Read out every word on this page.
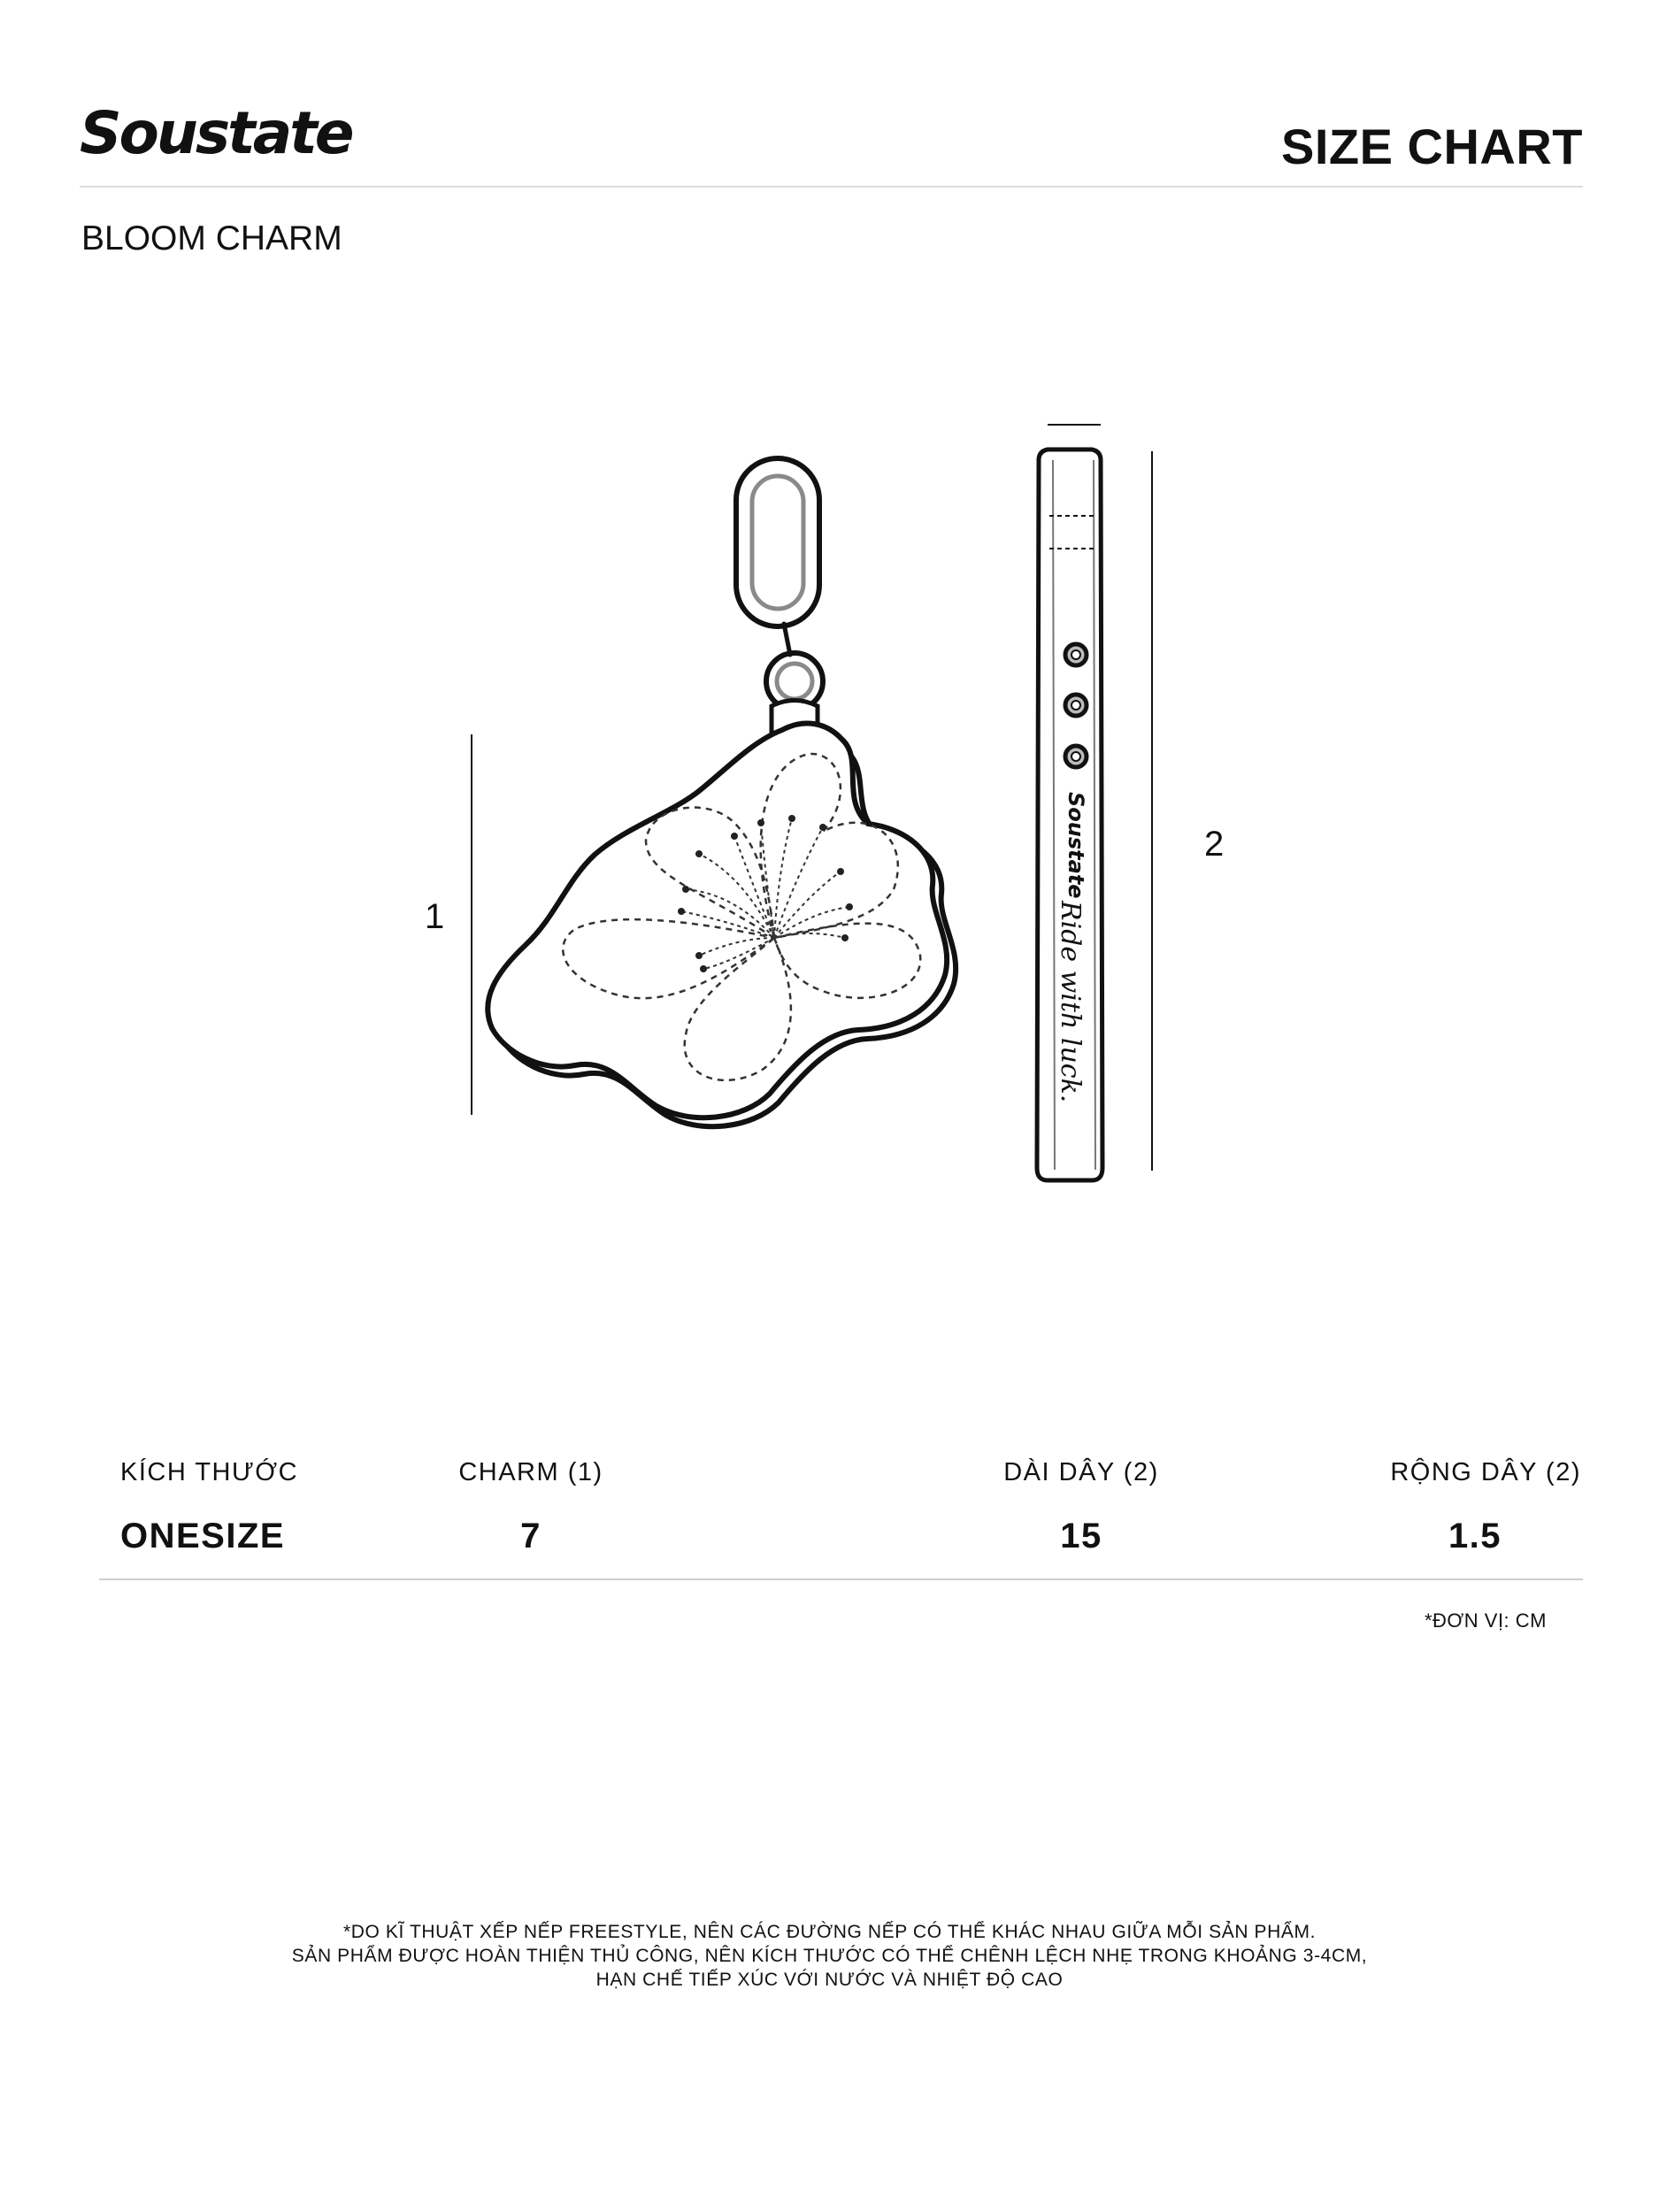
Soustate	SIZE CHART
BLOOM CHARM
Soustate
Ride with luck.
1
2
KÍCH THƯỚC	CHARM (1)	DÀI DÂY (2)	RỘNG DÂY (2)
ONESIZE	7	15	1.5
*ĐƠN VỊ: CM
*DO KĨ THUẬT XẾP NẾP FREESTYLE, NÊN CÁC ĐƯỜNG NẾP CÓ THỂ KHÁC NHAU GIỮA MỖI SẢN PHẨM.
SẢN PHẨM ĐƯỢC HOÀN THIỆN THỦ CÔNG, NÊN KÍCH THƯỚC CÓ THỂ CHÊNH LỆCH NHẸ TRONG KHOẢNG 3-4CM,
HẠN CHẾ TIẾP XÚC VỚI NƯỚC VÀ NHIỆT ĐỘ CAO
